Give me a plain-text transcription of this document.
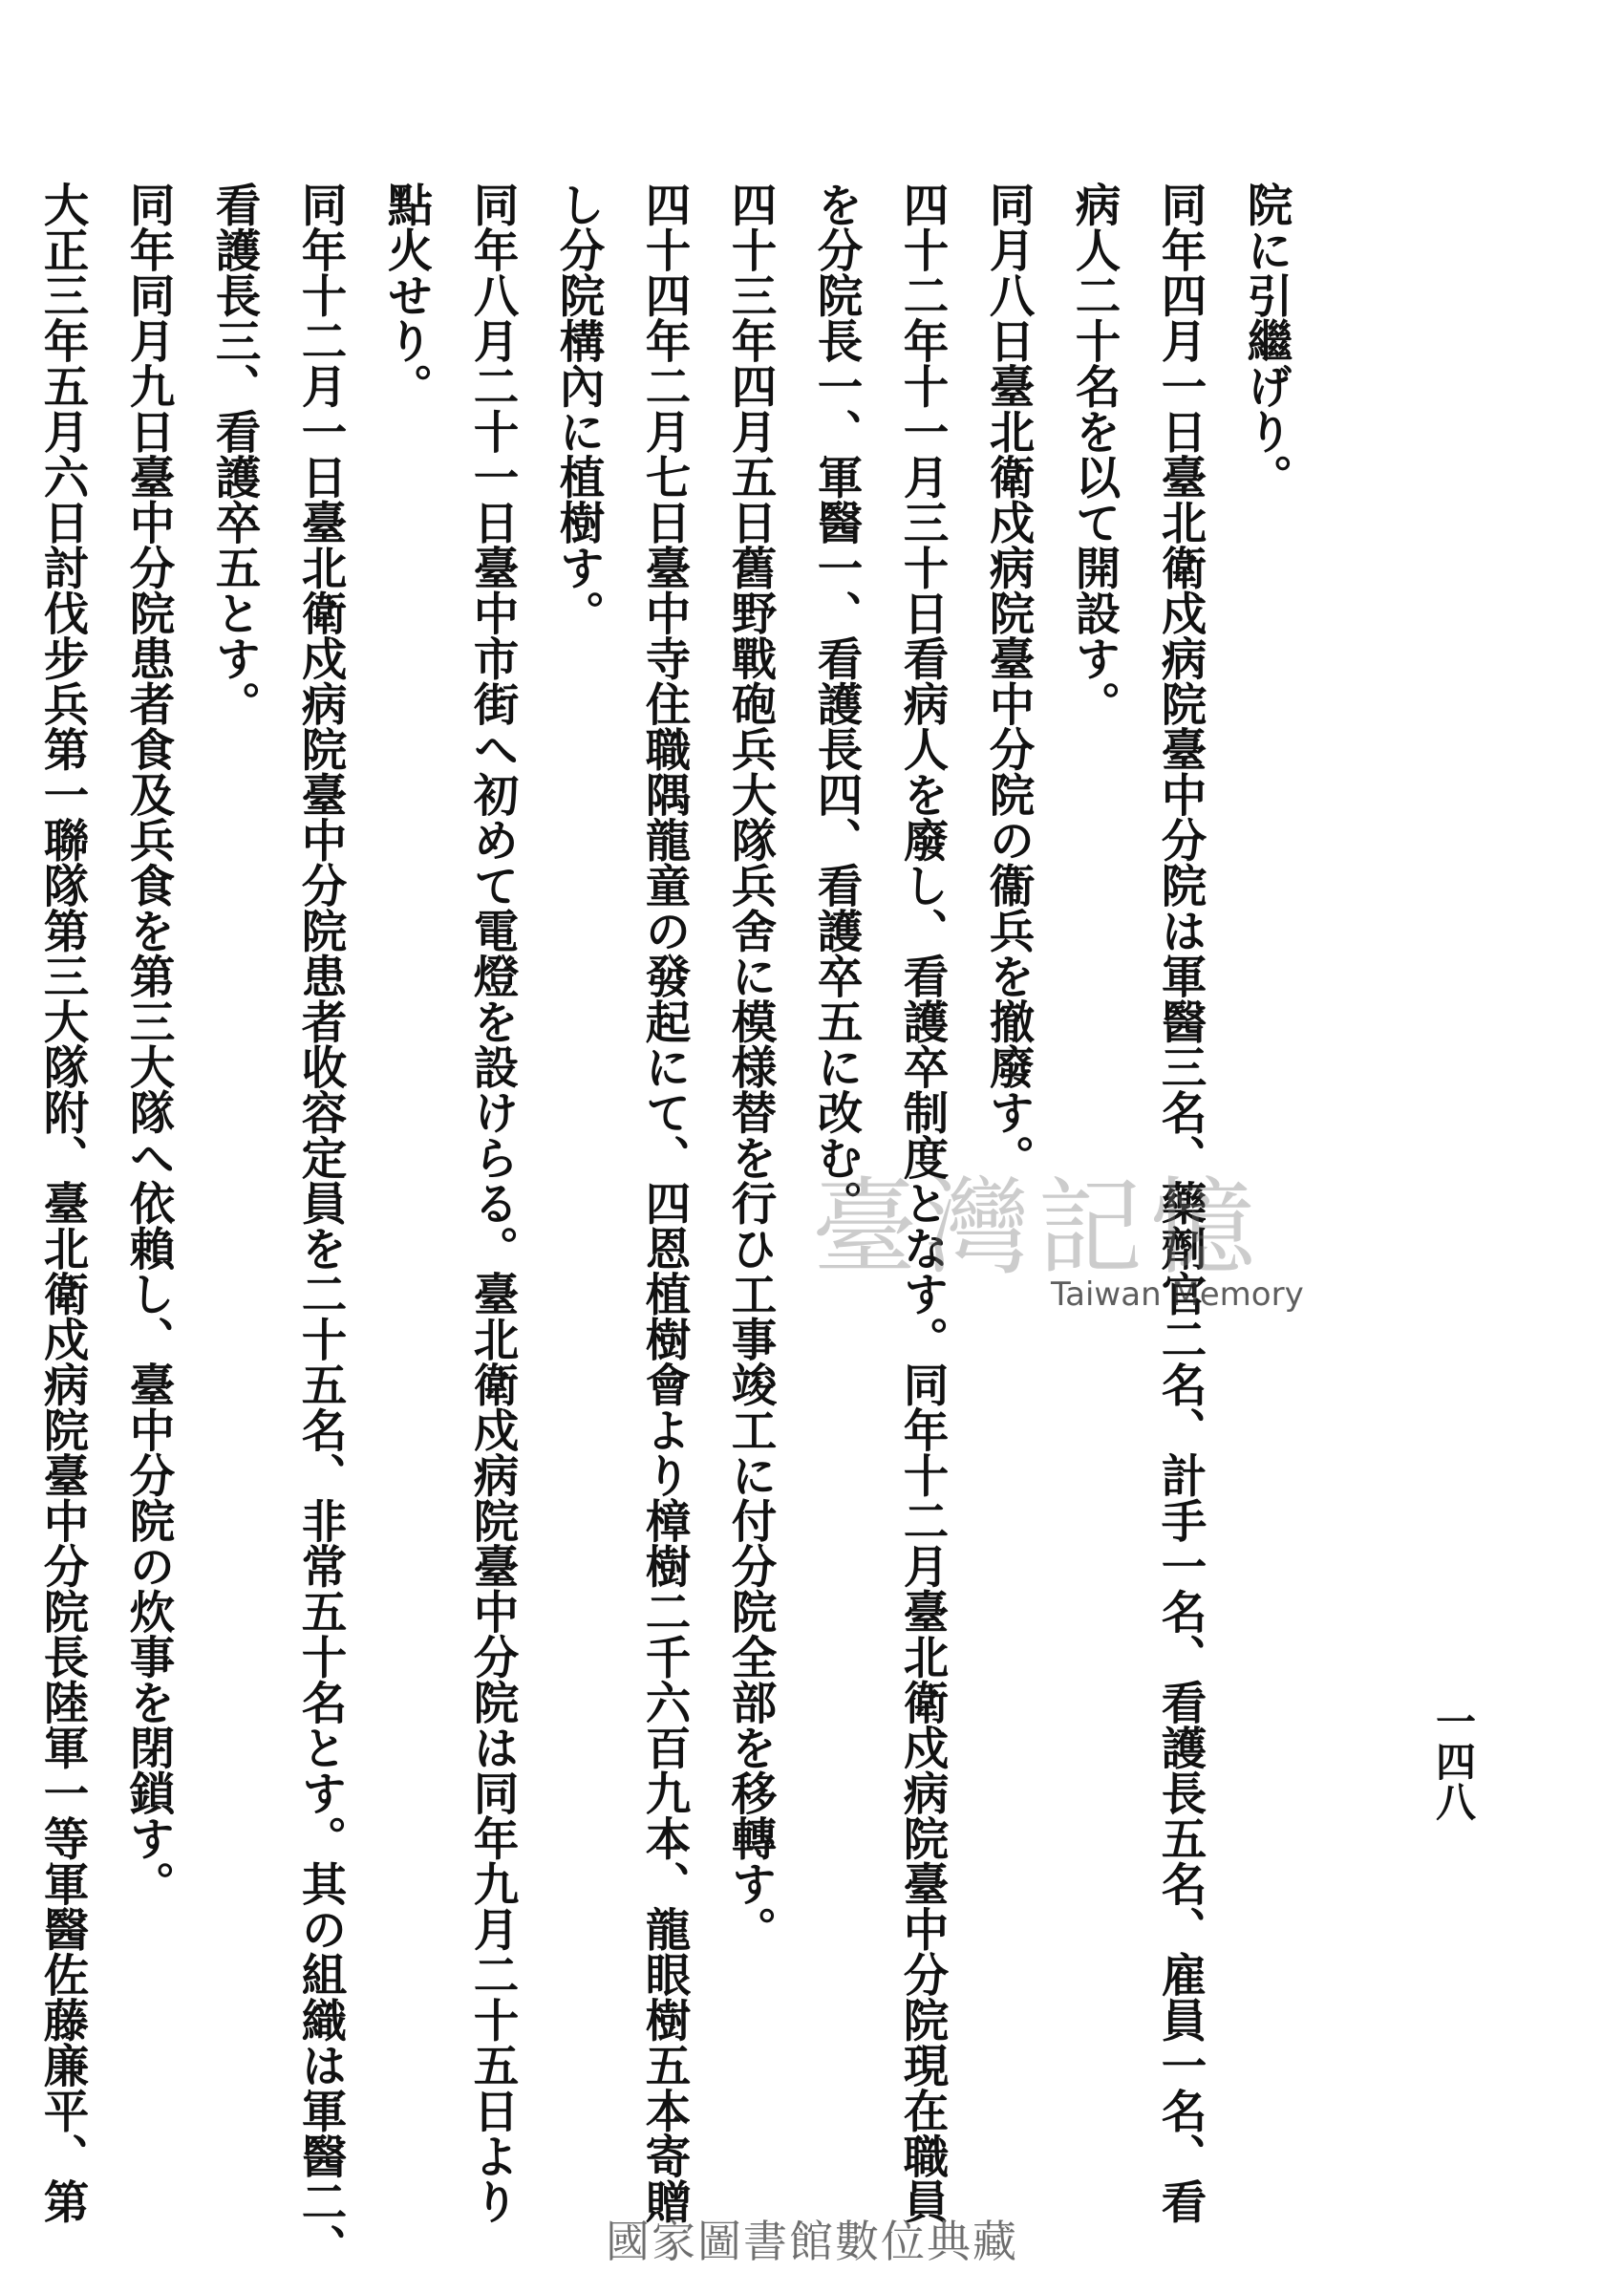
一四八
院に引繼げり。
同年四月一日臺北衛戍病院臺中分院は軍醫三名、藥劑官二名、計手一名、看護長五名、雇員一名、看
病人二十名を以て開設す。
同月八日臺北衛戍病院臺中分院の衞兵を撤廢す。
四十二年十一月三十日看病人を廢し、看護卒制度となす。同年十二月臺北衛戍病院臺中分院現在職員
を分院長一、軍醫一、看護長四、看護卒五に改む。
四十三年四月五日舊野戰砲兵大隊兵舍に模様替を行ひ工事竣工に付分院全部を移轉す。
四十四年二月七日臺中寺住職隅龍童の發起にて、四恩植樹會より樟樹二千六百九本、龍眼樹五本寄贈
し分院構內に植樹す。
同年八月二十一日臺中市街へ初めて電燈を設けらる。臺北衛戍病院臺中分院は同年九月二十五日より
點火せり。
同年十二月一日臺北衛戍病院臺中分院患者收容定員を二十五名、非常五十名とす。其の組織は軍醫二、
看護長三、看護卒五とす。
同年同月九日臺中分院患者食及兵食を第三大隊へ依賴し、臺中分院の炊事を閉鎖す。
大正三年五月六日討伐步兵第一聯隊第三大隊附、臺北衛戍病院臺中分院長陸軍一等軍醫佐藤廉平、第	臺灣記憶
Taiwan Memory
國家圖書館數位典藏
